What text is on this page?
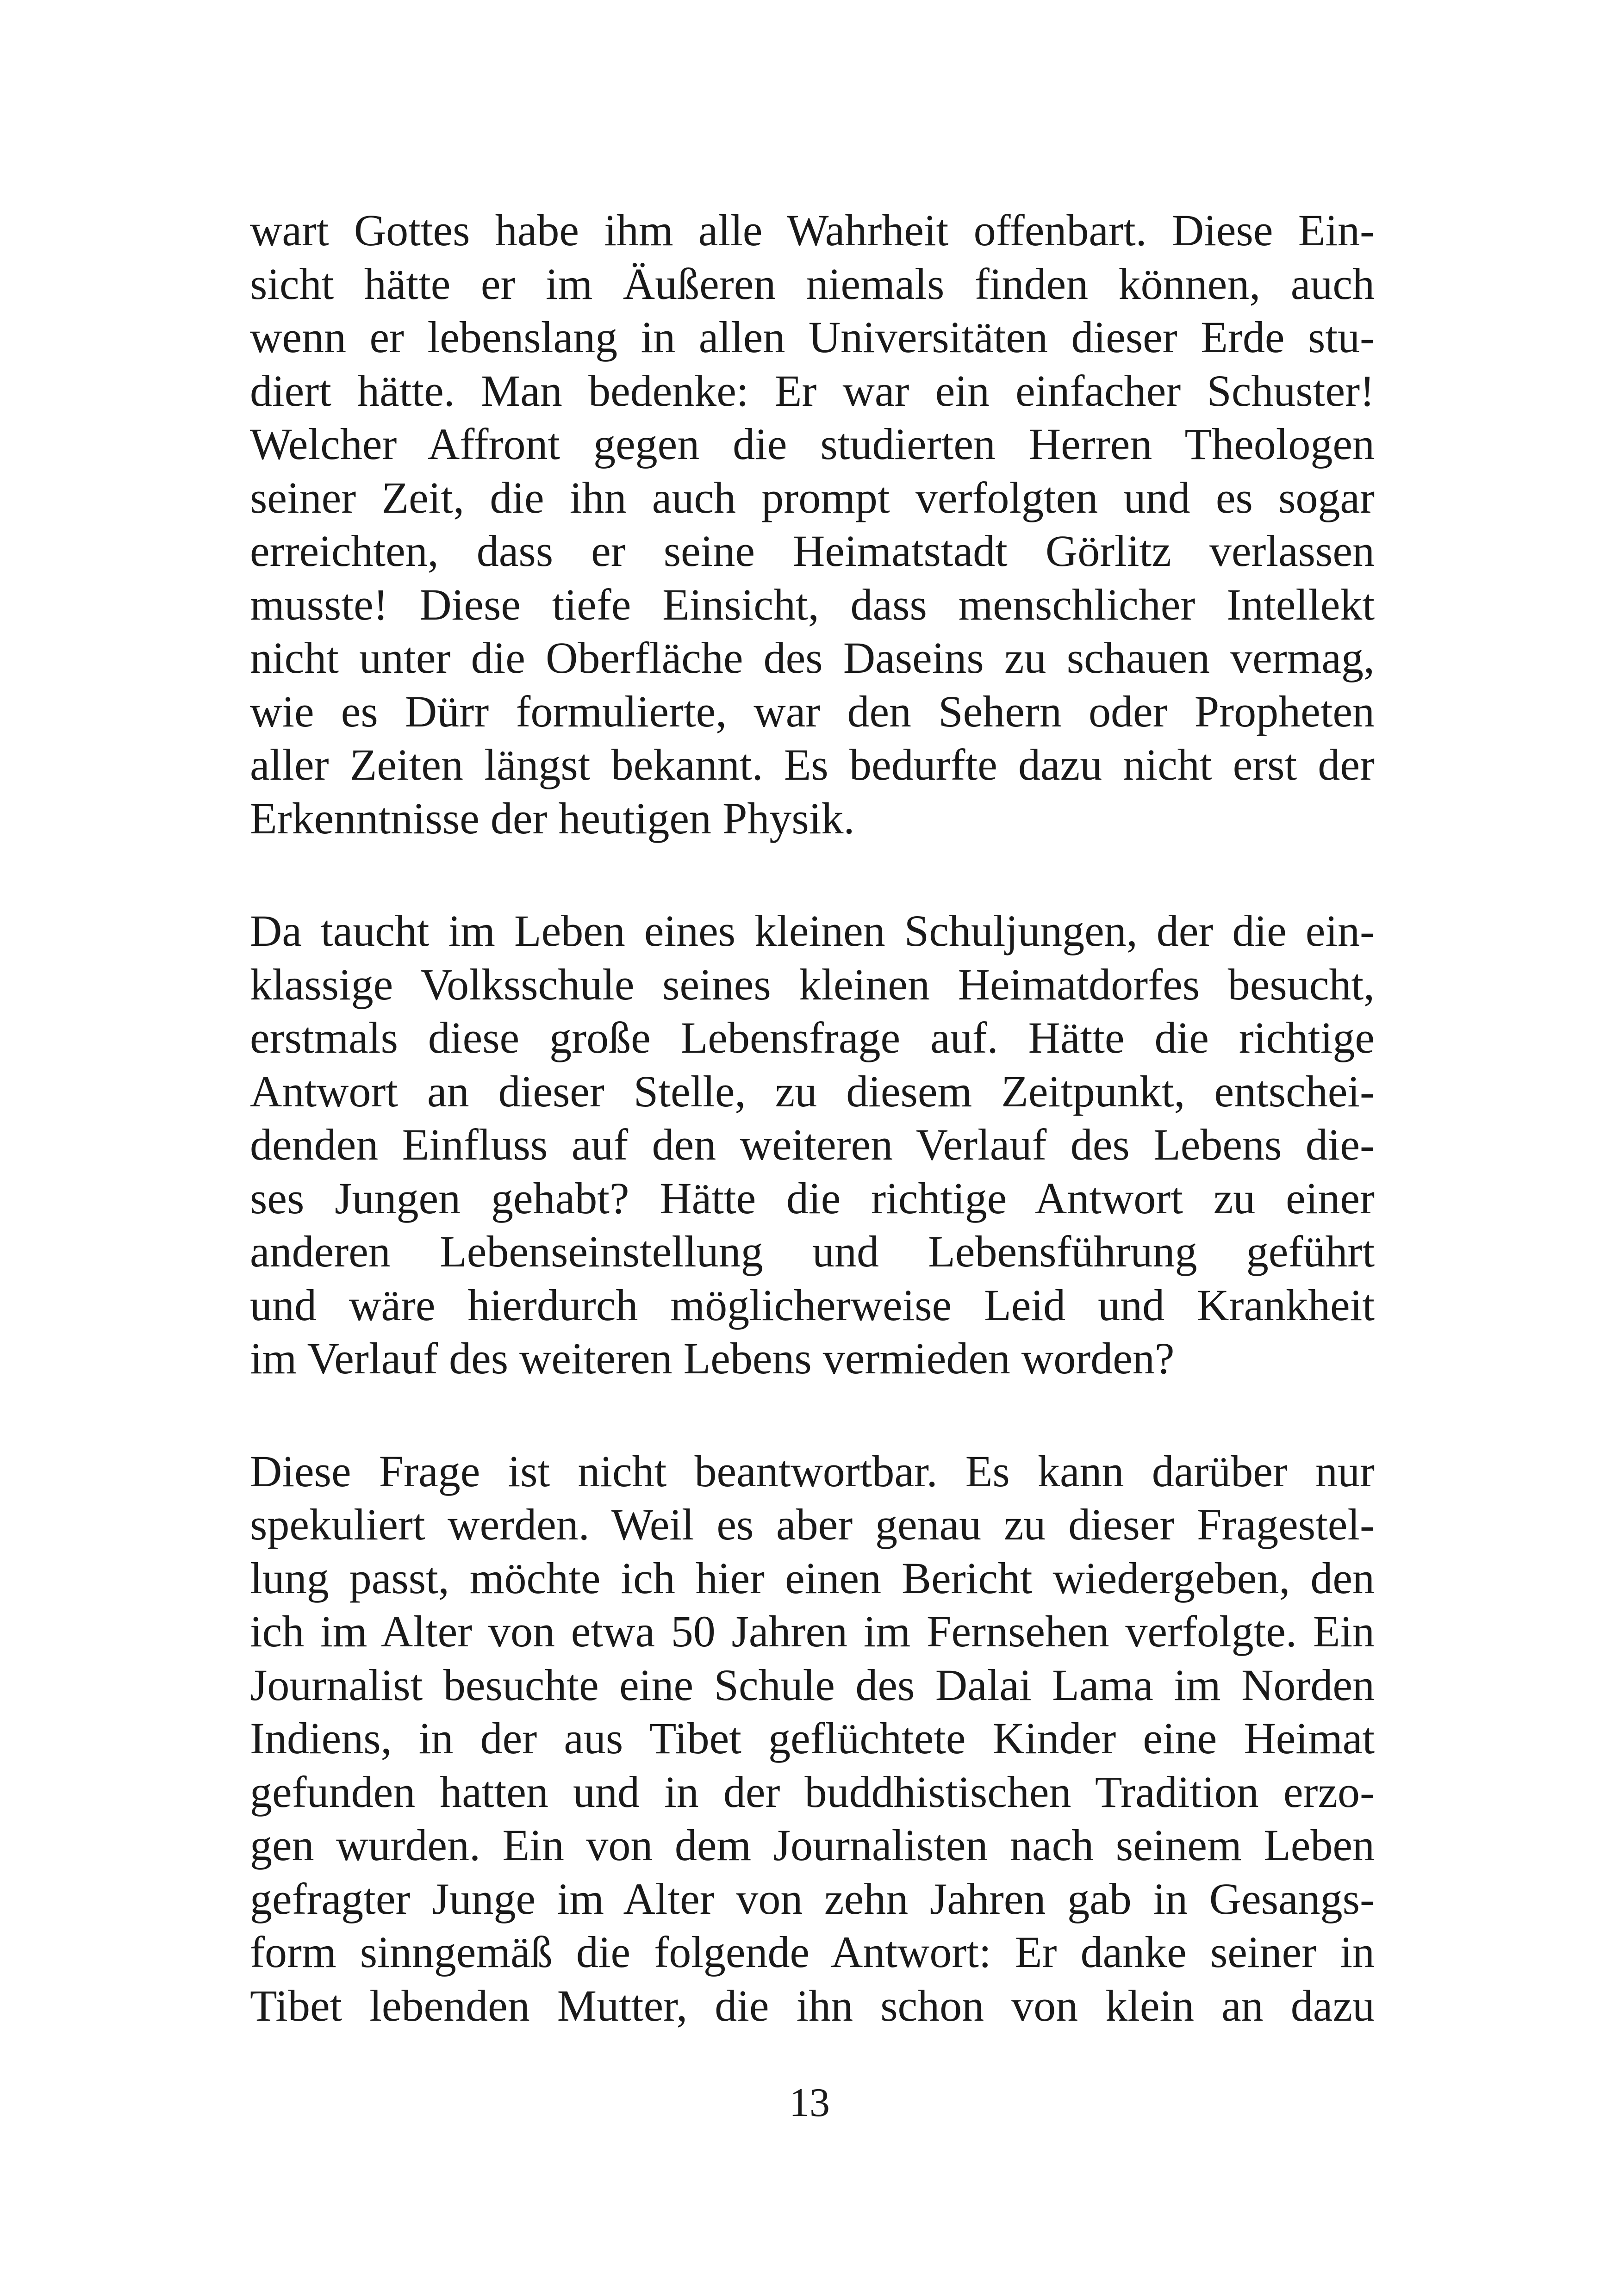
wart Gottes habe ihm alle Wahrheit offenbart. Diese Ein-
sicht hätte er im Äußeren niemals finden können, auch
wenn er lebenslang in allen Universitäten dieser Erde stu-
diert hätte. Man bedenke: Er war ein einfacher Schuster!
Welcher Affront gegen die studierten Herren Theologen
seiner Zeit, die ihn auch prompt verfolgten und es sogar
erreichten, dass er seine Heimatstadt Görlitz verlassen
musste! Diese tiefe Einsicht, dass menschlicher Intellekt
nicht unter die Oberfläche des Daseins zu schauen vermag,
wie es Dürr formulierte, war den Sehern oder Propheten
aller Zeiten längst bekannt. Es bedurfte dazu nicht erst der
Erkenntnisse der heutigen Physik.

Da taucht im Leben eines kleinen Schuljungen, der die ein-
klassige Volksschule seines kleinen Heimatdorfes besucht,
erstmals diese große Lebensfrage auf. Hätte die richtige
Antwort an dieser Stelle, zu diesem Zeitpunkt, entschei-
denden Einfluss auf den weiteren Verlauf des Lebens die-
ses Jungen gehabt? Hätte die richtige Antwort zu einer
anderen Lebenseinstellung und Lebensführung geführt
und wäre hierdurch möglicherweise Leid und Krankheit
im Verlauf des weiteren Lebens vermieden worden?

Diese Frage ist nicht beantwortbar. Es kann darüber nur
spekuliert werden. Weil es aber genau zu dieser Fragestel-
lung passt, möchte ich hier einen Bericht wiedergeben, den
ich im Alter von etwa 50 Jahren im Fernsehen verfolgte. Ein
Journalist besuchte eine Schule des Dalai Lama im Norden
Indiens, in der aus Tibet geflüchtete Kinder eine Heimat
gefunden hatten und in der buddhistischen Tradition erzo-
gen wurden. Ein von dem Journalisten nach seinem Leben
gefragter Junge im Alter von zehn Jahren gab in Gesangs-
form sinngemäß die folgende Antwort: Er danke seiner in
Tibet lebenden Mutter, die ihn schon von klein an dazu

13
